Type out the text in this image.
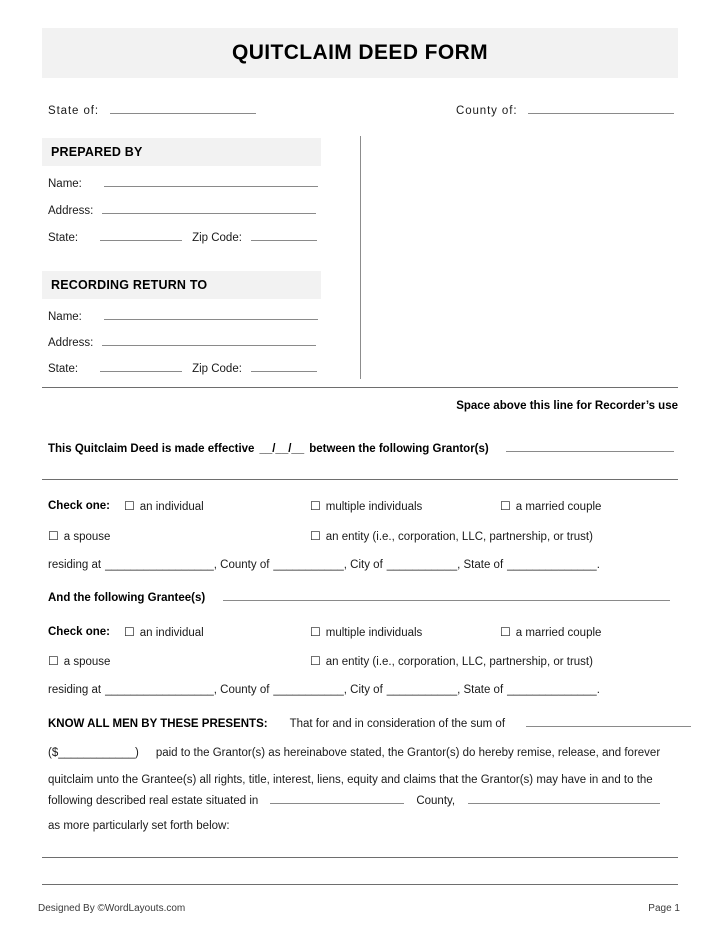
QUITCLAIM DEED FORM
State of:	County of:
PREPARED BY
Name:
Address:
State:	Zip Code:
RECORDING RETURN TO
Name:
Address:
State:	Zip Code:
Space above this line for Recorder’s use
This Quitclaim Deed is made effective __/__/__ between the following Grantor(s)
Check one: ☐ an individual	☐ multiple individuals	☐ a married couple
☐ a spouse	☐ an entity (i.e., corporation, LLC, partnership, or trust)
residing at _________________ , County of ___________ , City of ___________ , State of ______________ .
And the following Grantee(s)
Check one: ☐ an individual	☐ multiple individuals	☐ a married couple
☐ a spouse	☐ an entity (i.e., corporation, LLC, partnership, or trust)
residing at _________________ , County of ___________ , City of ___________ , State of ______________ .
KNOW ALL MEN BY THESE PRESENTS: That for and in consideration of the sum of
($____________) paid to the Grantor(s) as hereinabove stated, the Grantor(s) do hereby remise, release, and forever
quitclaim unto the Grantee(s) all rights, title, interest, liens, equity and claims that the Grantor(s) may have in and to the
following described real estate situated in	County,
as more particularly set forth below:
Designed By ©WordLayouts.com	Page 1
